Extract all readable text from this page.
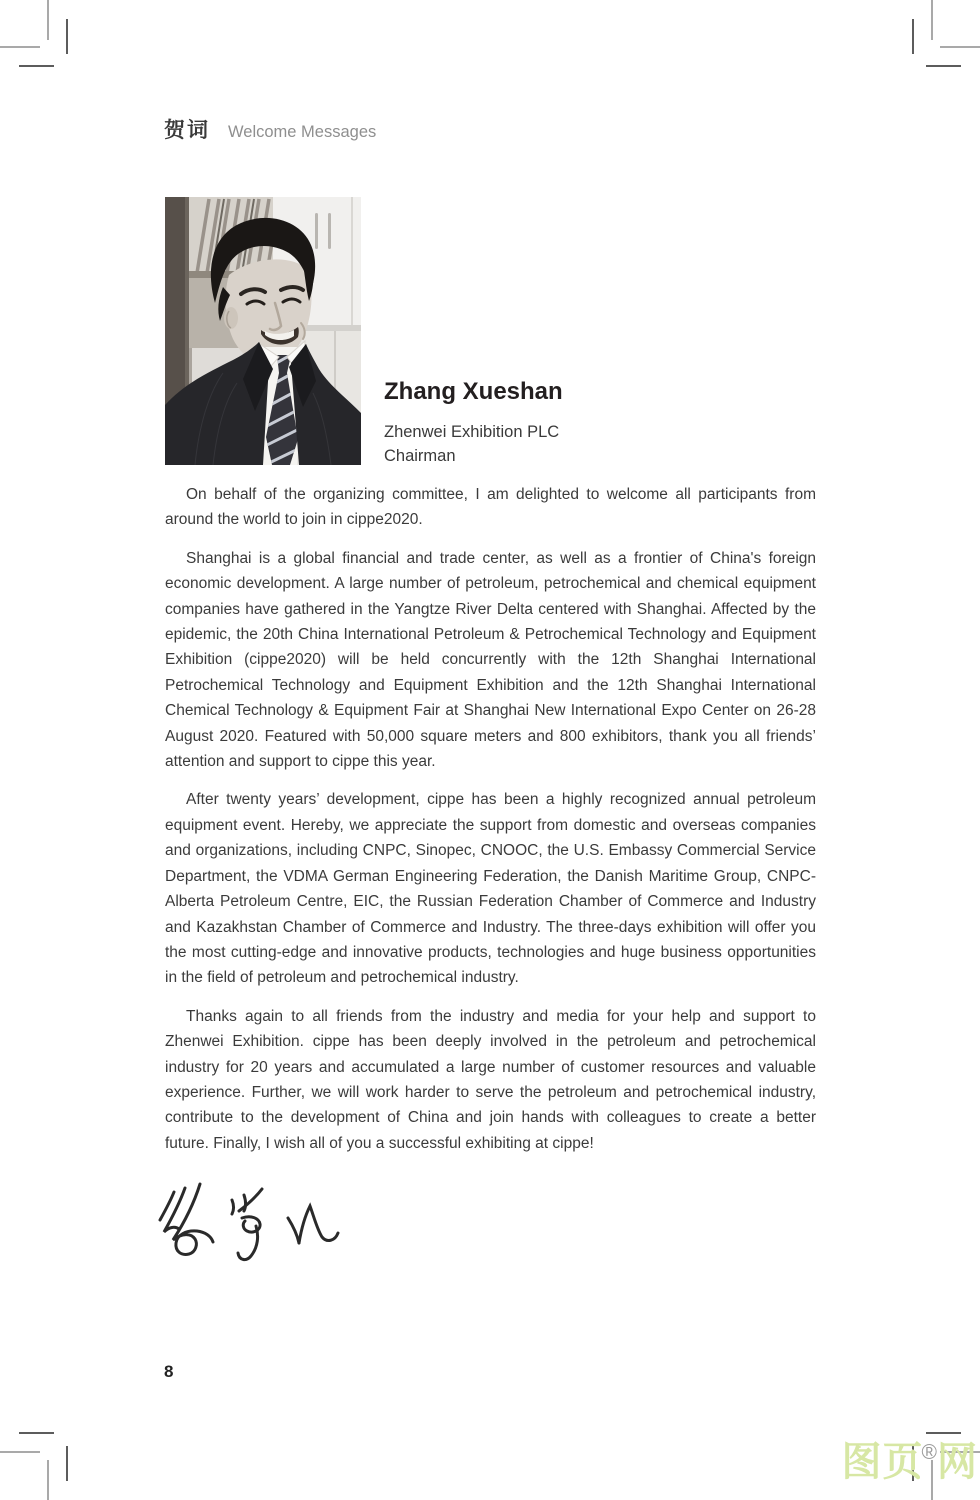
贺词 Welcome Messages
Zhang Xueshan
Zhenwei Exhibition PLC
Chairman

On behalf of the organizing committee, I am delighted to welcome all participants from around the world to join in cippe2020.

Shanghai is a global financial and trade center, as well as a frontier of China's foreign economic development. A large number of petroleum, petrochemical and chemical equipment companies have gathered in the Yangtze River Delta centered with Shanghai. Affected by the epidemic, the 20th China International Petroleum & Petrochemical Technology and Equipment Exhibition (cippe2020) will be held concurrently with the 12th Shanghai International Petrochemical Technology and Equipment Exhibition and the 12th Shanghai International Chemical Technology & Equipment Fair at Shanghai New International Expo Center on 26-28 August 2020. Featured with 50,000 square meters and 800 exhibitors, thank you all friends’ attention and support to cippe this year.

After twenty years’ development, cippe has been a highly recognized annual petroleum equipment event. Hereby, we appreciate the support from domestic and overseas companies and organizations, including CNPC, Sinopec, CNOOC, the U.S. Embassy Commercial Service Department, the VDMA German Engineering Federation, the Danish Maritime Group, CNPC-Alberta Petroleum Centre, EIC, the Russian Federation Chamber of Commerce and Industry and Kazakhstan Chamber of Commerce and Industry. The three-days exhibition will offer you the most cutting-edge and innovative products, technologies and huge business opportunities in the field of petroleum and petrochemical industry.

Thanks again to all friends from the industry and media for your help and support to Zhenwei Exhibition. cippe has been deeply involved in the petroleum and petrochemical industry for 20 years and accumulated a large number of customer resources and valuable experience. Further, we will work harder to serve the petroleum and petrochemical industry, contribute to the development of China and join hands with colleagues to create a better future. Finally, I wish all of you a successful exhibiting at cippe!

8
图页®网
